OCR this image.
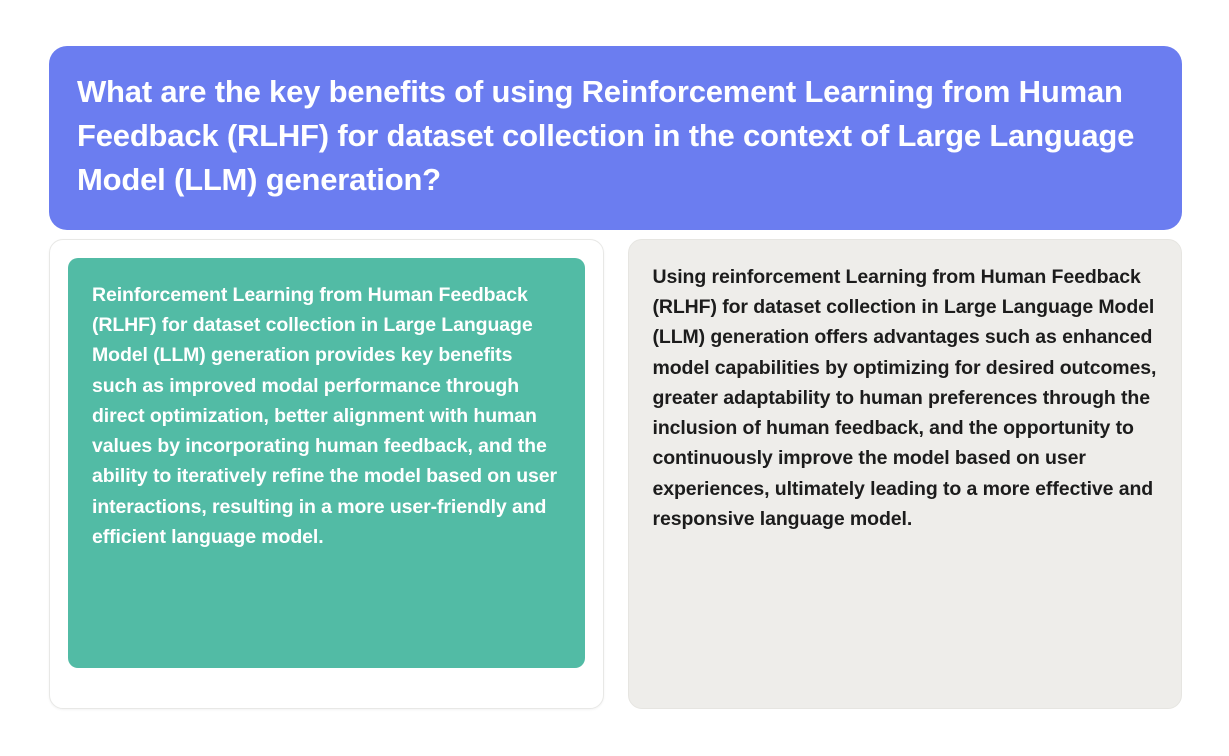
What are the key benefits of using Reinforcement Learning from Human Feedback (RLHF) for dataset collection in the context of Large Language Model (LLM) generation?

Reinforcement Learning from Human Feedback (RLHF) for dataset collection in Large Language Model (LLM) generation provides key benefits such as improved modal performance through direct optimization, better alignment with human values by incorporating human feedback, and the ability to iteratively refine the model based on user interactions, resulting in a more user-friendly and efficient language model.

Using reinforcement Learning from Human Feedback (RLHF) for dataset collection in Large Language Model (LLM) generation offers advantages such as enhanced model capabilities by optimizing for desired outcomes, greater adaptability to human preferences through the inclusion of human feedback, and the opportunity to continuously improve the model based on user experiences, ultimately leading to a more effective and responsive language model.
